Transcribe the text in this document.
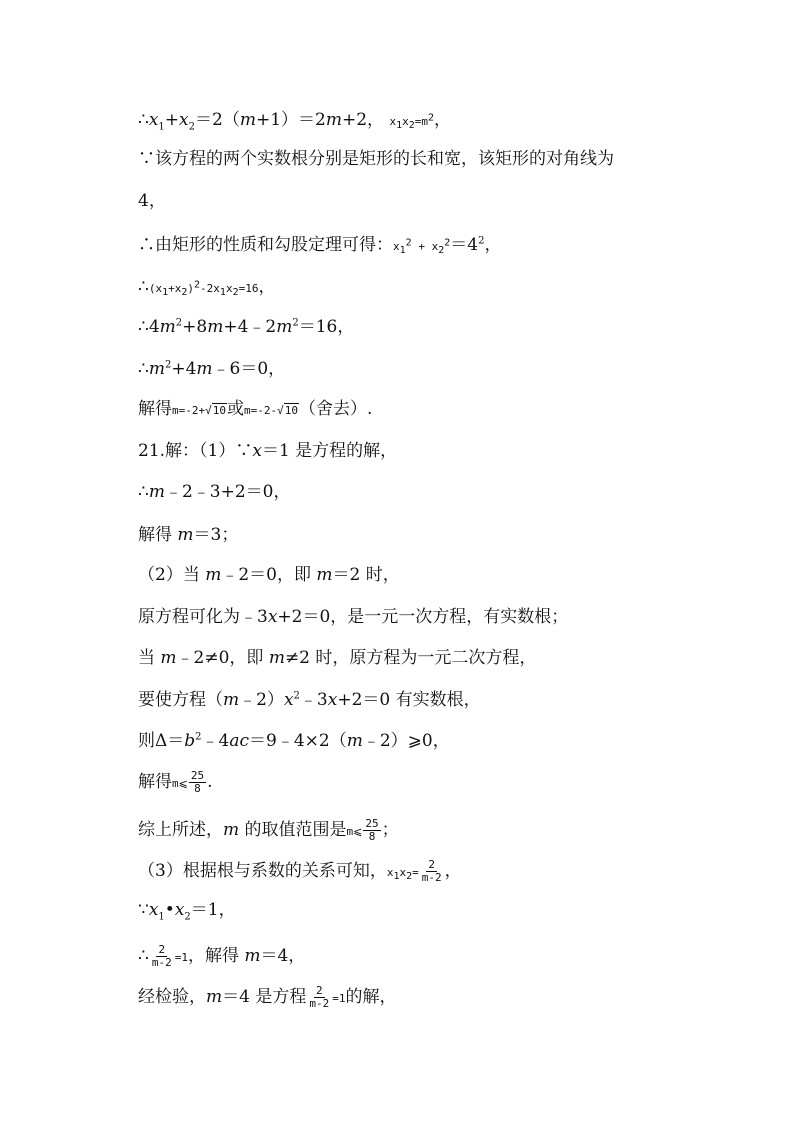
$\therefore x_1+x_2=2(m+1)=2m+2$， $x_1x_2=m^2$，
∵该方程的两个实数根分别是矩形的长和宽，该矩形的对角线为
4，
∴由矩形的性质和勾股定理可得：$x_1^2 + x_2^2=4^2$，
$\therefore(x_1+x_2)^2-2x_1x_2=16$，
$\therefore 4m^2+8m+4﹣2m^2=16$，
$\therefore m^2+4m﹣6=0$，
解得m=-2+√10或m=-2-√10（舍去）.
21.解：（1）∵x＝1 是方程的解，
∴m﹣2﹣3+2＝0，
解得 m＝3；
（2）当 m﹣2＝0，即 m＝2 时，
原方程可化为﹣3x+2＝0，是一元一次方程，有实数根；
当 m﹣2≠0，即 m≠2 时，原方程为一元二次方程，
要使方程$(m﹣2)x^2﹣3x+2=0$ 有实数根，
则$\Delta=b^2﹣4ac=9﹣4\times 2(m﹣2)⩾0$，
解得m⩽ $\frac{25}{8}$ .
综上所述，m 的取值范围是m⩽ $\frac{25}{8}$ ；
（3）根据根与系数的关系可知，$x_1x_2= \frac{2}{m-2}$ ，
$\because x_1•x_2=1$，
∴ $\frac{2}{m-2} =1$，解得 m＝4，
经检验，m＝4 是方程 $\frac{2}{m-2} =1$的解，
